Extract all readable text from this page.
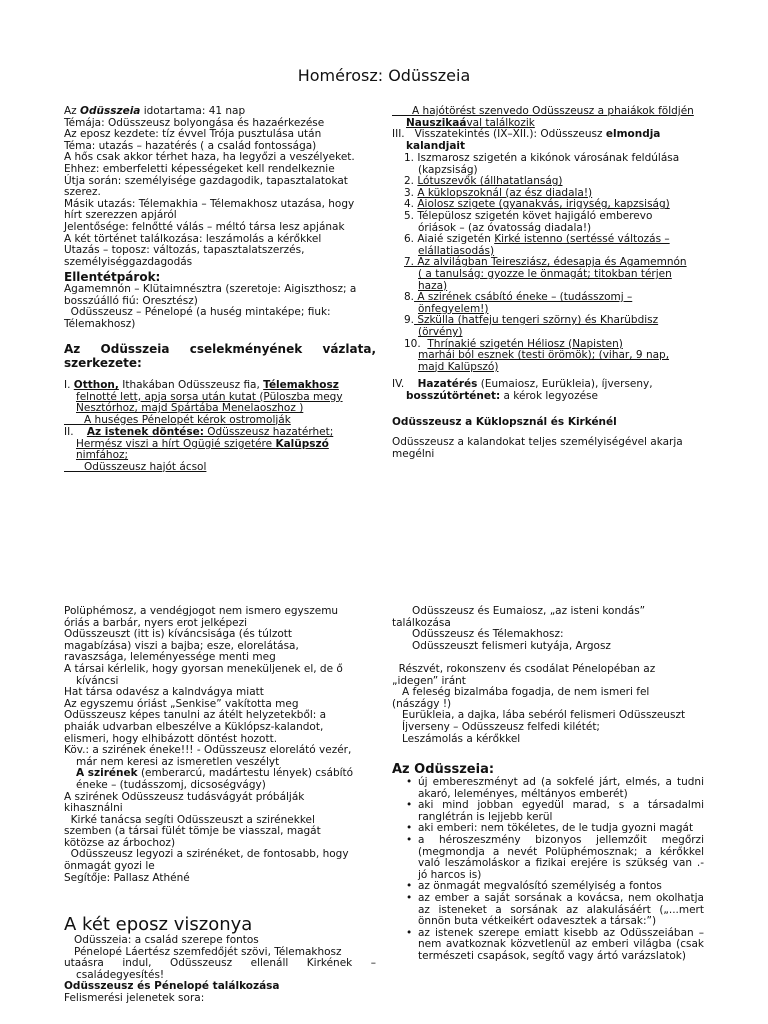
Homérosz: Odüsszeia
Az Odüsszeia idotartama: 41 nap
Témája: Odüsszeusz bolyongása és hazaérkezése
Az eposz kezdete: tíz évvel Trója pusztulása után
Téma: utazás – hazatérés ( a család fontossága)
A hős csak akkor térhet haza, ha legyőzi a veszélyeket.
Ehhez: emberfeletti képességeket kell rendelkeznie
Útja során: személyisége gazdagodik, tapasztalatokat
szerez.
Másik utazás: Télemakhia – Télemakhosz utazása, hogy
hírt szerezzen apjáról
Jelentősége: felnőtté válás – méltó társa lesz apjának
A két történet találkozása: leszámolás a kérőkkel
Utazás – toposz: változás, tapasztalatszerzés,
személyiséggazdagodás
Ellentétpárok:
Agamemnón – Klütaimnésztra (szeretoje: Aigiszthosz; a
bosszúálló fiú: Oresztész)
Odüsszeusz – Pénelopé (a huség mintaképe; fiuk:
Télemakhosz)
Az Odüsszeia cselekményének vázlata,
szerkezete:
I. Otthon, Ithakában Odüsszeusz fia, Télemakhosz
felnotté lett, apja sorsa után kutat (Püloszba megy
Nesztórhoz, majd Spártába Menelaoszhoz )
A huséges Pénelopét kérok ostromolják
II. Az istenek döntése: Odüsszeusz hazatérhet;
Hermész viszi a hírt Ogügié szigetére Kalüpszó
nimfához;
Odüsszeusz hajót ácsol
A hajótörést szenvedo Odüsszeusz a phaiákok földjén
Nauszikaával találkozik
III. Visszatekintés (IX–XII.): Odüsszeusz elmondja
kalandjait
1. Iszmarosz szigetén a kikónok városának feldúlása
(kapzsiság)
2. Lótuszevők (állhatatlanság)
3. A küklopszoknál (az ész diadala!)
4. Aiolosz szigete (gyanakvás, irigység, kapzsiság)
5. Télepülosz szigetén követ hajigáló emberevo
óriások – (az óvatosság diadala!)
6. Aiaié szigetén Kirké istenno (sertéssé változás –
elállatiasodás)
7. Az alvilágban Teiresziász, édesapja és Agamemnón
( a tanulság: gyozze le önmagát; titokban térjen
haza)
8. A szirének csábító éneke – (tudásszomj –
önfegyelem!)
9. Szkülla (hatfeju tengeri szörny) és Kharübdisz
(örvény)
10. Thrínakié szigetén Héliosz (Napisten)
marhái ból esznek (testi örömök); (vihar, 9 nap,
majd Kalüpszó)
IV. Hazatérés (Eumaiosz, Eurükleia), íjverseny,
bosszútörténet: a kérok legyozése
Odüsszeusz a Küklopsznál és Kirkénél
Odüsszeusz a kalandokat teljes személyiségével akarja
megélni
Polüphémosz, a vendégjogot nem ismero egyszemu
óriás a barbár, nyers erot jelképezi
Odüsszeuszt (itt is) kíváncsisága (és túlzott
magabízása) viszi a bajba; esze, elorelátása,
ravaszsága, leleményessége menti meg
A társai kérlelik, hogy gyorsan meneküljenek el, de ő
kíváncsi
Hat társa odavész a kalndvágya miatt
Az egyszemu óriást „Senkise” vakította meg
Odüsszeusz képes tanulni az átélt helyzetekből: a
phaiák udvarban elbeszélve a Küklópsz-kalandot,
elismeri, hogy elhibázott döntést hozott.
Köv.: a szirének éneke!!! - Odüsszeusz elorelátó vezér,
már nem keresi az ismeretlen veszélyt
A szirének (emberarcú, madártestu lények) csábító
éneke – (tudásszomj, dicsoségvágy)
A szirének Odüsszeusz tudásvágyát próbálják
kihasználni
Kirké tanácsa segíti Odüsszeuszt a szirénekkel
szemben (a társai fülét tömje be viasszal, magát
kötözse az árbochoz)
Odüsszeusz legyozi a szirénéket, de fontosabb, hogy
önmagát gyozi le
Segítője: Pallasz Athéné
A két eposz viszonya
Odüsszeia: a család szerepe fontos
Pénelopé Láertész szemfedőjét szövi, Télemakhosz
utaásra indul, Odüsszeusz ellenáll Kirkének –
családegyesítés!
Odüsszeusz és Pénelopé találkozása
Felismerési jelenetek sora:
Odüsszeusz és Eumaiosz, „az isteni kondás”
találkozása
Odüsszeusz és Télemakhosz:
Odüsszeuszt felismeri kutyája, Argosz
Részvét, rokonszenv és csodálat Pénelopéban az
„idegen” iránt
A feleség bizalmába fogadja, de nem ismeri fel
(nászágy !)
Eurükleia, a dajka, lába sebéról felismeri Odüsszeuszt
Íjverseny – Odüsszeusz felfedi kilétét;
Leszámolás a kérőkkel
Az Odüsszeia:
• új embereszményt ad (a sokfelé járt, elmés, a tudni akaró, leleményes, méltányos emberét)
• aki mind jobban egyedül marad, s a társadalmi ranglétrán is lejjebb kerül
• aki emberi: nem tökéletes, de le tudja gyozni magát
• a héroszeszmény bizonyos jellemzőit megőrzi (megmondja a nevét Polüphémosznak; a kérőkkel való leszámoláskor a fizikai erejére is szükség van .- jó harcos is)
• az önmagát megvalósító személyiség a fontos
• az ember a saját sorsának a kovácsa, nem okolhatja az isteneket a sorsának az alakulásáért („...mert önnön buta vétkeikért odavesztek a társak:”)
• az istenek szerepe emiatt kisebb az Odüsszeiában – nem avatkoznak közvetlenül az emberi világba (csak természeti csapások, segítő vagy ártó varázslatok)
